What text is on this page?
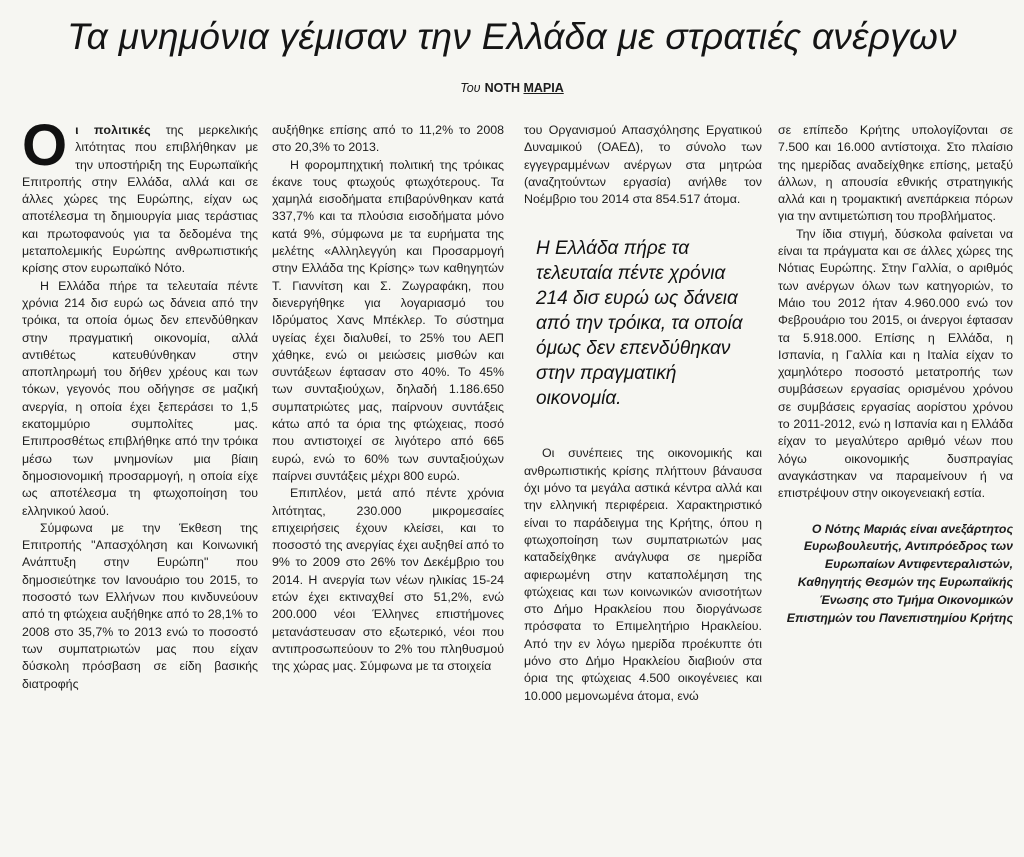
Τα μνημόνια γέμισαν την Ελλάδα με στρατιές ανέργων
Του ΝΟΤΗ ΜΑΡΙΑ

Οι πολιτικές της μερκελικής λιτότητας που επιβλήθηκαν με την υποστήριξη της Ευρωπαϊκής Επιτροπής στην Ελλάδα, αλλά και σε άλλες χώρες της Ευρώπης, είχαν ως αποτέλεσμα τη δημιουργία μιας τεράστιας και πρωτοφανούς για τα δεδομένα της μεταπολεμικής Ευρώπης ανθρωπιστικής κρίσης στον ευρωπαϊκό Νότο.

Η Ελλάδα πήρε τα τελευταία πέντε χρόνια 214 δισ ευρώ ως δάνεια από την τρόικα, τα οποία όμως δεν επενδύθηκαν στην πραγματική οικονομία, αλλά αντιθέτως κατευθύνθηκαν στην αποπληρωμή του δήθεν χρέους και των τόκων, γεγονός που οδήγησε σε μαζική ανεργία, η οποία έχει ξεπεράσει το 1,5 εκατομμύριο συμπολίτες μας. Επιπροσθέτως επιβλήθηκε από την τρόικα μέσω των μνημονίων μια βίαιη δημοσιονομική προσαρμογή, η οποία είχε ως αποτέλεσμα τη φτωχοποίηση του ελληνικού λαού.

Σύμφωνα με την Έκθεση της Επιτροπής "Απασχόληση και Κοινωνική Ανάπτυξη στην Ευρώπη" που δημοσιεύτηκε τον Ιανουάριο του 2015, το ποσοστό των Ελλήνων που κινδυνεύουν από τη φτώχεια αυξήθηκε από το 28,1% το 2008 στο 35,7% το 2013 ενώ το ποσοστό των συμπατριωτών μας που είχαν δύσκολη πρόσβαση σε είδη βασικής διατροφής

αυξήθηκε επίσης από το 11,2% το 2008 στο 20,3% το 2013.

Η φορομπηχτική πολιτική της τρόικας έκανε τους φτωχούς φτωχότερους. Τα χαμηλά εισοδήματα επιβαρύνθηκαν κατά 337,7% και τα πλούσια εισοδήματα μόνο κατά 9%, σύμφωνα με τα ευρήματα της μελέτης «Αλληλεγγύη και Προσαρμογή στην Ελλάδα της Κρίσης» των καθηγητών Τ. Γιαννίτση και Σ. Ζωγραφάκη, που διενεργήθηκε για λογαριασμό του Ιδρύματος Χανς Μπέκλερ. Το σύστημα υγείας έχει διαλυθεί, το 25% του ΑΕΠ χάθηκε, ενώ οι μειώσεις μισθών και συντάξεων έφτασαν στο 40%. Το 45% των συνταξιούχων, δηλαδή 1.186.650 συμπατριώτες μας, παίρνουν συντάξεις κάτω από τα όρια της φτώχειας, ποσό που αντιστοιχεί σε λιγότερο από 665 ευρώ, ενώ το 60% των συνταξιούχων παίρνει συντάξεις μέχρι 800 ευρώ.

Επιπλέον, μετά από πέντε χρόνια λιτότητας, 230.000 μικρομεσαίες επιχειρήσεις έχουν κλείσει, και το ποσοστό της ανεργίας έχει αυξηθεί από το 9% το 2009 στο 26% τον Δεκέμβριο του 2014. Η ανεργία των νέων ηλικίας 15-24 ετών έχει εκτιναχθεί στο 51,2%, ενώ 200.000 νέοι Έλληνες επιστήμονες μετανάστευσαν στο εξωτερικό, νέοι που αντιπροσωπεύουν το 2% του πληθυσμού της χώρας μας. Σύμφωνα με τα στοιχεία

του Οργανισμού Απασχόλησης Εργατικού Δυναμικού (ΟΑΕΔ), το σύνολο των εγγεγραμμένων ανέργων στα μητρώα (αναζητούντων εργασία) ανήλθε τον Νοέμβριο του 2014 στα 854.517 άτομα.

Η Ελλάδα πήρε τα τελευταία πέντε χρόνια 214 δισ ευρώ ως δάνεια από την τρόικα, τα οποία όμως δεν επενδύθηκαν στην πραγματική οικονομία.

Οι συνέπειες της οικονομικής και ανθρωπιστικής κρίσης πλήττουν βάναυσα όχι μόνο τα μεγάλα αστικά κέντρα αλλά και την ελληνική περιφέρεια. Χαρακτηριστικό είναι το παράδειγμα της Κρήτης, όπου η φτωχοποίηση των συμπατριωτών μας καταδείχθηκε ανάγλυφα σε ημερίδα αφιερωμένη στην καταπολέμηση της φτώχειας και των κοινωνικών ανισοτήτων στο Δήμο Ηρακλείου που διοργάνωσε πρόσφατα το Επιμελητήριο Ηρακλείου. Από την εν λόγω ημερίδα προέκυπτε ότι μόνο στο Δήμο Ηρακλείου διαβιούν στα όρια της φτώχειας 4.500 οικογένειες και 10.000 μεμονωμένα άτομα, ενώ

σε επίπεδο Κρήτης υπολογίζονται σε 7.500 και 16.000 αντίστοιχα. Στο πλαίσιο της ημερίδας αναδείχθηκε επίσης, μεταξύ άλλων, η απουσία εθνικής στρατηγικής αλλά και η τρομακτική ανεπάρκεια πόρων για την αντιμετώπιση του προβλήματος.

Την ίδια στιγμή, δύσκολα φαίνεται να είναι τα πράγματα και σε άλλες χώρες της Νότιας Ευρώπης. Στην Γαλλία, ο αριθμός των ανέργων όλων των κατηγοριών, το Μάιο του 2012 ήταν 4.960.000 ενώ τον Φεβρουάριο του 2015, οι άνεργοι έφτασαν τα 5.918.000. Επίσης η Ελλάδα, η Ισπανία, η Γαλλία και η Ιταλία είχαν το χαμηλότερο ποσοστό μετατροπής των συμβάσεων εργασίας ορισμένου χρόνου σε συμβάσεις εργασίας αορίστου χρόνου το 2011-2012, ενώ η Ισπανία και η Ελλάδα είχαν το μεγαλύτερο αριθμό νέων που λόγω οικονομικής δυσπραγίας αναγκάστηκαν να παραμείνουν ή να επιστρέψουν στην οικογενειακή εστία.

Ο Νότης Μαριάς είναι ανεξάρτητος Ευρωβουλευτής, Αντιπρόεδρος των Ευρωπαίων Αντιφεντεραλιστών, Καθηγητής Θεσμών της Ευρωπαϊκής Ένωσης στο Τμήμα Οικονομικών Επιστημών του Πανεπιστημίου Κρήτης
